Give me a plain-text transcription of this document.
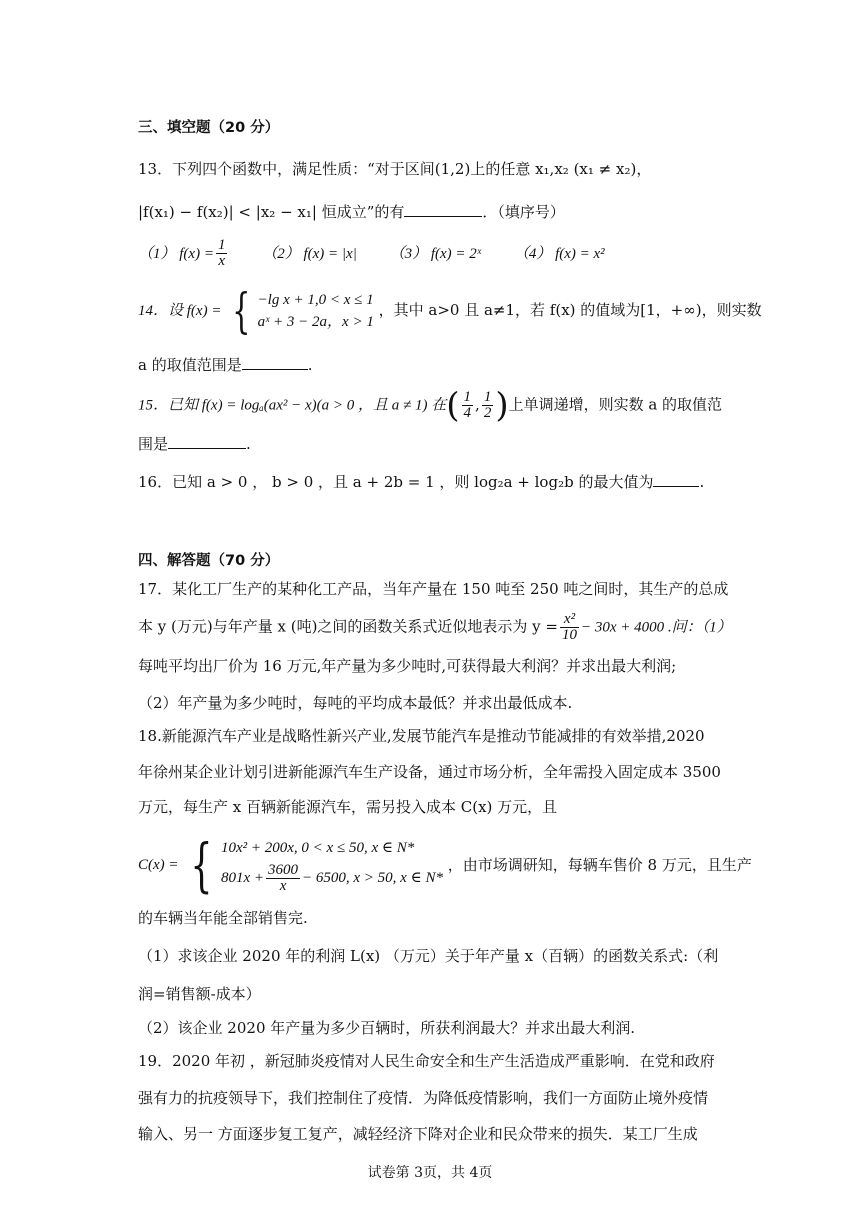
三、填空题（20 分）
13．下列四个函数中，满足性质：“对于区间(1,2)上的任意 x₁,x₂ (x₁ ≠ x₂)，
|f(x₁) − f(x₂)| < |x₂ − x₁| 恒成立”的有	．（填序号）
（1） $f(x) = \frac{1}{x} (2) f(x) = |x|$ （3） f(x) = 2ˣ （4） f(x) = x²
14．设 f(x) = { −lg x + 1,0 < x ≤ 1
aˣ + 3 − 2a，x > 1
，其中 a>0 且 a≠1，若 f(x) 的值域为[1，+∞)，则实数
a 的取值范围是	.
15．已知 f(x) = logₐ(ax² − x)(a > 0 ，且 a ≠ 1) 在( $\frac{1}{4}$ , $\frac{1}{2}$ )上单调递增，则实数 a 的取值范
围是	.
16．已知 a > 0 ， b > 0 ，且 a + 2b = 1 ，则 log₂a + log₂b 的最大值为	.
四、解答题（70 分）
17．某化工厂生产的某种化工产品，当年产量在 150 吨至 250 吨之间时，其生产的总成
本 y (万元)与年产量 x (吨)之间的函数关系式近似地表示为 $y = \frac{\text{x²}}{10} - 30x + 4000$ .问：（1）
每吨平均出厂价为 16 万元,年产量为多少吨时,可获得最大利润？并求出最大利润;
（2）年产量为多少吨时，每吨的平均成本最低？并求出最低成本.
18.新能源汽车产业是战略性新兴产业,发展节能汽车是推动节能减排的有效举措,2020
年徐州某企业计划引进新能源汽车生产设备，通过市场分析，全年需投入固定成本 3500
万元，每生产 x 百辆新能源汽车，需另投入成本 C(x) 万元，且
C(x) = { 10x² + 200x, 0 < x ≤ 50, x ∈ N*
$801x + \frac{3600}{x} - 6500$, x > 50, x ∈ N*
，由市场调研知，每辆车售价 8 万元，且生产
的车辆当年能全部销售完.
（1）求该企业 2020 年的利润 L(x) （万元）关于年产量 x（百辆）的函数关系式:（利
润=销售额-成本）
（2）该企业 2020 年产量为多少百辆时，所获利润最大？并求出最大利润.
19．2020 年初 ，新冠肺炎疫情对人民生命安全和生产生活造成严重影响．在党和政府
强有力的抗疫领导下，我们控制住了疫情．为降低疫情影响，我们一方面防止境外疫情
输入、另一 方面逐步复工复产，减轻经济下降对企业和民众带来的损失．某工厂生成
试卷第 3页，共 4页
